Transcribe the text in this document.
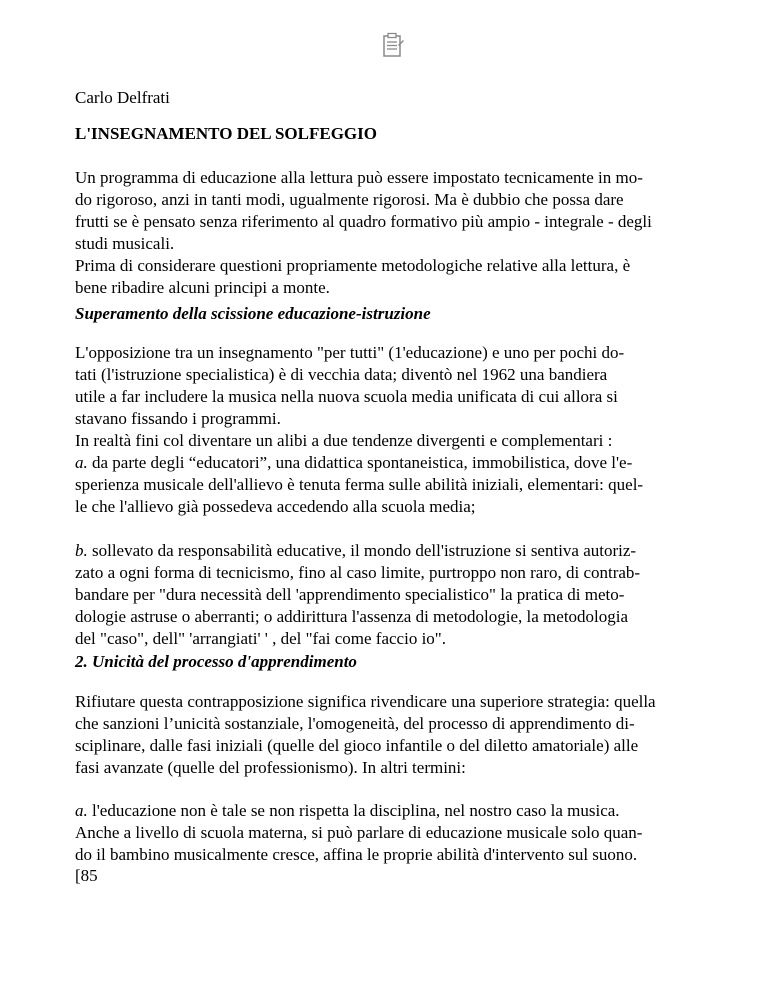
Carlo Delfrati

L'INSEGNAMENTO DEL SOLFEGGIO

Un programma di educazione alla lettura può essere impostato tecnicamente in mo-
do rigoroso, anzi in tanti modi, ugualmente rigorosi. Ma è dubbio che possa dare
frutti se è pensato senza riferimento al quadro formativo più ampio - integrale - degli
studi musicali.
Prima di considerare questioni propriamente metodologiche relative alla lettura, è
bene ribadire alcuni principi a monte.

Superamento della scissione educazione-istruzione

L'opposizione tra un insegnamento "per tutti" (1'educazione) e uno per pochi do-
tati (l'istruzione specialistica) è di vecchia data; diventò nel 1962 una bandiera
utile a far includere la musica nella nuova scuola media unificata di cui allora si
stavano fissando i programmi.
In realtà fini col diventare un alibi a due tendenze divergenti e complementari :
a. da parte degli “educatori”, una didattica spontaneistica, immobilistica, dove l'e-
sperienza musicale dell'allievo è tenuta ferma sulle abilità iniziali, elementari: quel-
le che l'allievo già possedeva accedendo alla scuola media;
b. sollevato da responsabilità educative, il mondo dell'istruzione si sentiva autoriz-
zato a ogni forma di tecnicismo, fino al caso limite, purtroppo non raro, di contrab-
bandare per "dura necessità dell 'apprendimento specialistico" la pratica di meto-
dologie astruse o aberranti; o addirittura l'assenza di metodologie, la metodologia
del "caso", dell" 'arrangiati' ' , del "fai come faccio io".

2. Unicità del processo d'apprendimento

Rifiutare questa contrapposizione significa rivendicare una superiore strategia: quella
che sanzioni l’unicità sostanziale, l'omogeneità, del processo di apprendimento di-
sciplinare, dalle fasi iniziali (quelle del gioco infantile o del diletto amatoriale) alle
fasi avanzate (quelle del professionismo). In altri termini:
a. l'educazione non è tale se non rispetta la disciplina, nel nostro caso la musica.
Anche a livello di scuola materna, si può parlare di educazione musicale solo quan-
do il bambino musicalmente cresce, affina le proprie abilità d'intervento sul suono.

[85
